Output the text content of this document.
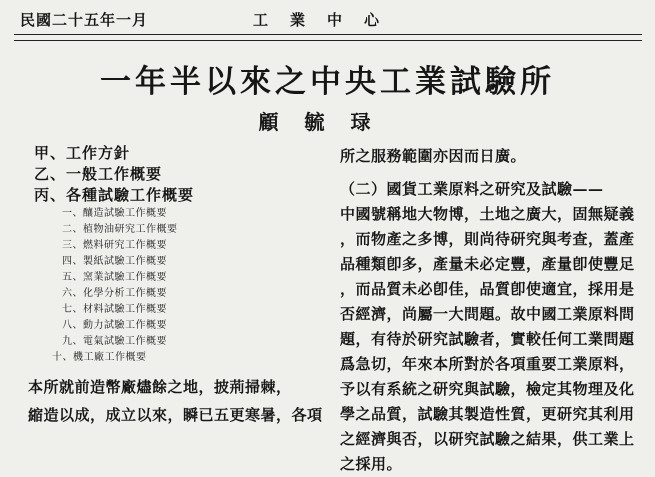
民國二十五年一月	工業中心
一年半以來之中央工業試驗所
顧毓琭
甲、工作方針
乙、一般工作概要
丙、各種試驗工作概要
一、釀造試驗工作概要
二、植物油研究工作概要
三、燃料研究工作概要
四、製紙試驗工作概要
五、窯業試驗工作概要
六、化學分析工作概要
七、材料試驗工作概要
八、動力試驗工作概要
九、電氣試驗工作概要
十、機工廠工作概要
本所就前造幣廠燼餘之地，披荊掃棘，
縮造以成，成立以來，瞬已五更寒暑，各項
所之服務範圍亦因而日廣。
（二）國貨工業原料之研究及試驗——
中國號稱地大物博，土地之廣大，固無疑義
，而物產之多博，則尚待研究與考查，蓋產
品種類卽多，產量未必定豐，產量卽使豐足
，而品質未必卽佳，品質卽使適宜，採用是
否經濟，尚屬一大問題。故中國工業原料問
題，有待於研究試驗者，實較任何工業問題
爲急切，年來本所對於各項重要工業原料，
予以有系統之研究與試驗，檢定其物理及化
學之品質，試驗其製造性質，更研究其利用
之經濟與否，以研究試驗之結果，供工業上
之採用。
